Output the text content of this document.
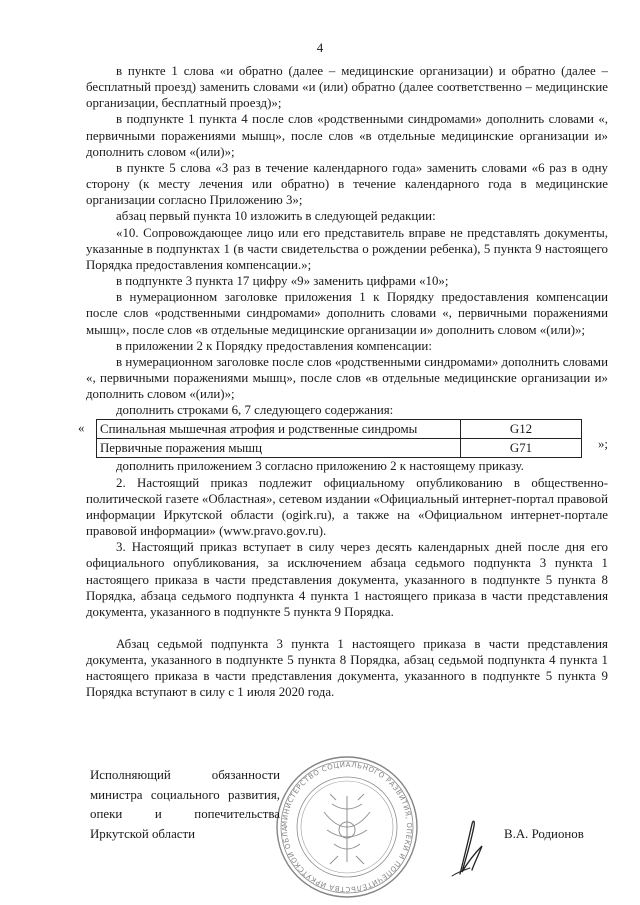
4

в пункте 1 слова «и обратно (далее – медицинские организации) и обратно (далее – бесплатный проезд) заменить словами «и (или) обратно (далее соответственно – медицинские организации, бесплатный проезд)»;

в подпункте 1 пункта 4 после слов «родственными синдромами» дополнить словами «, первичными поражениями мышц», после слов «в отдельные медицинские организации и» дополнить словом «(или)»;

в пункте 5 слова «3 раз в течение календарного года» заменить словами «6 раз в одну сторону (к месту лечения или обратно) в течение календарного года в медицинские организации согласно Приложению 3»;

абзац первый пункта 10 изложить в следующей редакции:

«10. Сопровождающее лицо или его представитель вправе не представлять документы, указанные в подпунктах 1 (в части свидетельства о рождении ребенка), 5 пункта 9 настоящего Порядка предоставления компенсации.»;

в подпункте 3 пункта 17 цифру «9» заменить цифрами «10»;

в нумерационном заголовке приложения 1 к Порядку предоставления компенсации после слов «родственными синдромами» дополнить словами «, первичными поражениями мышц», после слов «в отдельные медицинские организации и» дополнить словом «(или)»;

в приложении 2 к Порядку предоставления компенсации:

в нумерационном заголовке после слов «родственными синдромами» дополнить словами «, первичными поражениями мышц», после слов «в отдельные медицинские организации и» дополнить словом «(или)»;

дополнить строками 6, 7 следующего содержания:

« Спинальная мышечная атрофия и родственные синдромы	G12
Первичные поражения мышц	G71	»;

дополнить приложением 3 согласно приложению 2 к настоящему приказу.

2. Настоящий приказ подлежит официальному опубликованию в общественно-политической газете «Областная», сетевом издании «Официальный интернет-портал правовой информации Иркутской области (ogirk.ru), а также на «Официальном интернет-портале правовой информации» (www.pravo.gov.ru).

3. Настоящий приказ вступает в силу через десять календарных дней после дня его официального опубликования, за исключением абзаца седьмого подпункта 3 пункта 1 настоящего приказа в части представления документа, указанного в подпункте 5 пункта 8 Порядка, абзаца седьмого подпункта 4 пункта 1 настоящего приказа в части представления документа, указанного в подпункте 5 пункта 9 Порядка.

Абзац седьмой подпункта 3 пункта 1 настоящего приказа в части представления документа, указанного в подпункте 5 пункта 8 Порядка, абзац седьмой подпункта 4 пункта 1 настоящего приказа в части представления документа, указанного в подпункте 5 пункта 9 Порядка вступают в силу с 1 июля 2020 года.

МИНИСТЕРСТВО СОЦИАЛЬНОГО РАЗВИТИЯ, ОПЕКИ И ПОПЕЧИТЕЛЬСТВА ИРКУТСКОЙ ОБЛА
Исполняющий обязанности
министра социального развития,
опеки и попечительства
Иркутской области	В.А. Родионов
